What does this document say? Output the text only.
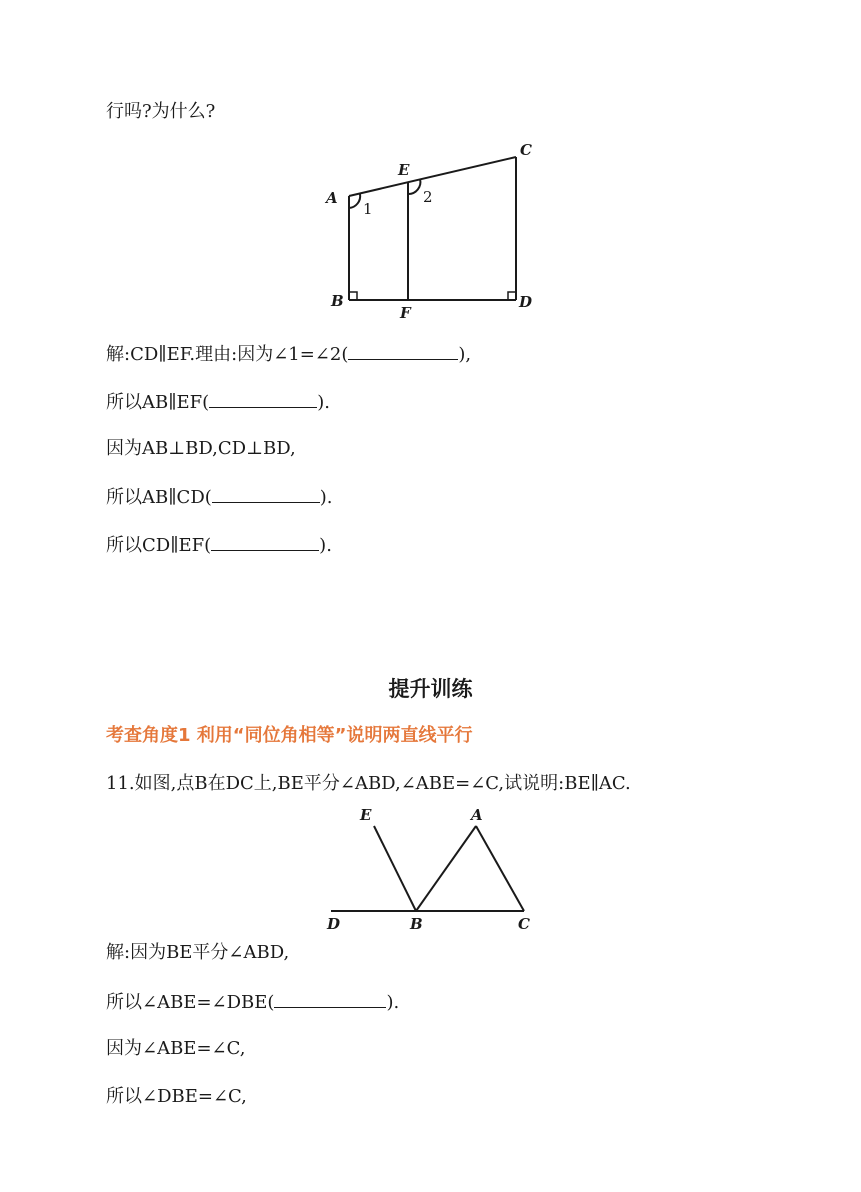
行吗?为什么?

A
B
C
D
E
F
1
2

解:CD∥EF.理由:因为∠1=∠2(	),

所以AB∥EF(	).

因为AB⊥BD,CD⊥BD,

所以AB∥CD(	).

所以CD∥EF(	).

提升训练

考查角度1 利用“同位角相等”说明两直线平行

11.如图,点B在DC上,BE平分∠ABD,∠ABE=∠C,试说明:BE∥AC.

E	A
D	B	C

解:因为BE平分∠ABD,

所以∠ABE=∠DBE(	).

因为∠ABE=∠C,

所以∠DBE=∠C,
